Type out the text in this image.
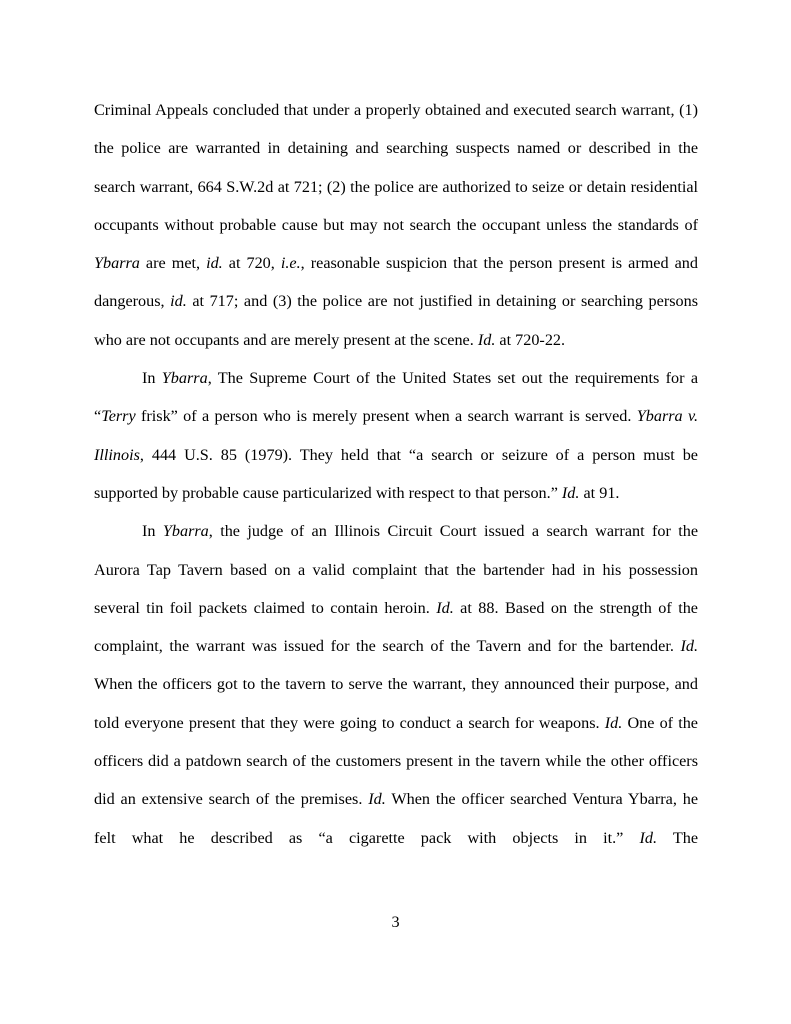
Criminal Appeals concluded that under a properly obtained and executed search warrant, (1) the police are warranted in detaining and searching suspects named or described in the search warrant, 664 S.W.2d at 721; (2) the police are authorized to seize or detain residential occupants without probable cause but may not search the occupant unless the standards of Ybarra are met, id. at 720, i.e., reasonable suspicion that the person present is armed and dangerous, id. at 717; and (3) the police are not justified in detaining or searching persons who are not occupants and are merely present at the scene. Id. at 720-22.

In Ybarra, The Supreme Court of the United States set out the requirements for a “Terry frisk” of a person who is merely present when a search warrant is served. Ybarra v. Illinois, 444 U.S. 85 (1979). They held that “a search or seizure of a person must be supported by probable cause particularized with respect to that person.” Id. at 91.

In Ybarra, the judge of an Illinois Circuit Court issued a search warrant for the Aurora Tap Tavern based on a valid complaint that the bartender had in his possession several tin foil packets claimed to contain heroin. Id. at 88. Based on the strength of the complaint, the warrant was issued for the search of the Tavern and for the bartender. Id. When the officers got to the tavern to serve the warrant, they announced their purpose, and told everyone present that they were going to conduct a search for weapons. Id. One of the officers did a patdown search of the customers present in the tavern while the other officers did an extensive search of the premises. Id. When the officer searched Ventura Ybarra, he felt what he described as “a cigarette pack with objects in it.” Id. The

3
